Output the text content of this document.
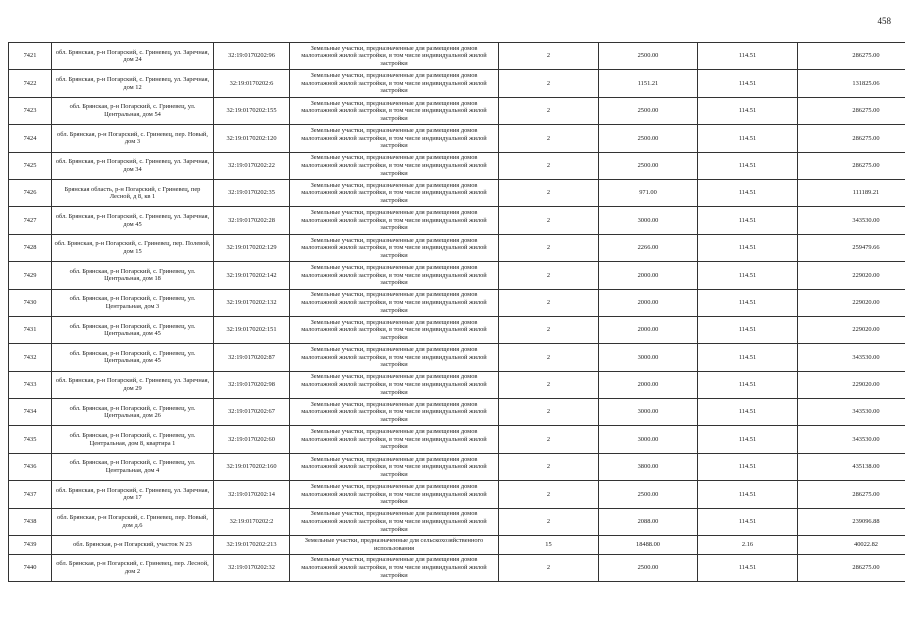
458
7421	обл. Брянская, р-н Погарский, с. Гриневец, ул. Заречная, дом 24	32:19:0170202:96	Земельные участки, предназначенные для размещения домов малоэтажной жилой застройки, в том числе индивидуальной жилой застройки	2	2500.00	114.51	286275.00
7422	обл. Брянская, р-н Погарский, с. Гриневец, ул. Заречная, дом 12	32:19:0170202:6	Земельные участки, предназначенные для размещения домов малоэтажной жилой застройки, в том числе индивидуальной жилой застройки	2	1151.21	114.51	131825.06
7423	обл. Брянская, р-н Погарский, с. Гриневец, ул. Центральная, дом 54	32:19:0170202:155	Земельные участки, предназначенные для размещения домов малоэтажной жилой застройки, в том числе индивидуальной жилой застройки	2	2500.00	114.51	286275.00
7424	обл. Брянская, р-н Погарский, с. Гриневец, пер. Новый, дом 3	32:19:0170202:120	Земельные участки, предназначенные для размещения домов малоэтажной жилой застройки, в том числе индивидуальной жилой застройки	2	2500.00	114.51	286275.00
7425	обл. Брянская, р-н Погарский, с. Гриневец, ул. Заречная, дом 34	32:19:0170202:22	Земельные участки, предназначенные для размещения домов малоэтажной жилой застройки, в том числе индивидуальной жилой застройки	2	2500.00	114.51	286275.00
7426	Брянская область, р-н Погарский, с Гриневец, пер Лесной, д 8, кв 1	32:19:0170202:35	Земельные участки, предназначенные для размещения домов малоэтажной жилой застройки, в том числе индивидуальной жилой застройки	2	971.00	114.51	111189.21
7427	обл. Брянская, р-н Погарский, с. Гриневец, ул. Заречная, дом 45	32:19:0170202:28	Земельные участки, предназначенные для размещения домов малоэтажной жилой застройки, в том числе индивидуальной жилой застройки	2	3000.00	114.51	343530.00
7428	обл. Брянская, р-н Погарский, с. Гриневец, пер. Полевой, дом 15	32:19:0170202:129	Земельные участки, предназначенные для размещения домов малоэтажной жилой застройки, в том числе индивидуальной жилой застройки	2	2266.00	114.51	259479.66
7429	обл. Брянская, р-н Погарский, с. Гриневец, ул. Центральная, дом 18	32:19:0170202:142	Земельные участки, предназначенные для размещения домов малоэтажной жилой застройки, в том числе индивидуальной жилой застройки	2	2000.00	114.51	229020.00
7430	обл. Брянская, р-н Погарский, с. Гриневец, ул. Центральная, дом 3	32:19:0170202:132	Земельные участки, предназначенные для размещения домов малоэтажной жилой застройки, в том числе индивидуальной жилой застройки	2	2000.00	114.51	229020.00
7431	обл. Брянская, р-н Погарский, с. Гриневец, ул. Центральная, дом 45	32:19:0170202:151	Земельные участки, предназначенные для размещения домов малоэтажной жилой застройки, в том числе индивидуальной жилой застройки	2	2000.00	114.51	229020.00
7432	обл. Брянская, р-н Погарский, с. Гриневец, ул. Центральная, дом 45	32:19:0170202:87	Земельные участки, предназначенные для размещения домов малоэтажной жилой застройки, в том числе индивидуальной жилой застройки	2	3000.00	114.51	343530.00
7433	обл. Брянская, р-н Погарский, с. Гриневец, ул. Заречная, дом 29	32:19:0170202:98	Земельные участки, предназначенные для размещения домов малоэтажной жилой застройки, в том числе индивидуальной жилой застройки	2	2000.00	114.51	229020.00
7434	обл. Брянская, р-н Погарский, с. Гриневец, ул. Центральная, дом 26	32:19:0170202:67	Земельные участки, предназначенные для размещения домов малоэтажной жилой застройки, в том числе индивидуальной жилой застройки	2	3000.00	114.51	343530.00
7435	обл. Брянская, р-н Погарский, с. Гриневец, ул. Центральная, дом 8, квартира 1	32:19:0170202:60	Земельные участки, предназначенные для размещения домов малоэтажной жилой застройки, в том числе индивидуальной жилой застройки	2	3000.00	114.51	343530.00
7436	обл. Брянская, р-н Погарский, с. Гриневец, ул. Центральная, дом 4	32:19:0170202:160	Земельные участки, предназначенные для размещения домов малоэтажной жилой застройки, в том числе индивидуальной жилой застройки	2	3800.00	114.51	435138.00
7437	обл. Брянская, р-н Погарский, с. Гриневец, ул. Заречная, дом 17	32:19:0170202:14	Земельные участки, предназначенные для размещения домов малоэтажной жилой застройки, в том числе индивидуальной жилой застройки	2	2500.00	114.51	286275.00
7438	обл. Брянская, р-н Погарский, с. Гриневец, пер. Новый, дом д.6	32:19:0170202:2	Земельные участки, предназначенные для размещения домов малоэтажной жилой застройки, в том числе индивидуальной жилой застройки	2	2088.00	114.51	239096.88
7439	обл. Брянская, р-н Погарский, участок N 23	32:19:0170202:213	Земельные участки, предназначенные для сельскохозяйственного использования	15	18488.00	2.16	40022.82
7440	обл. Брянская, р-н Погарский, с. Гриневец, пер. Лесной, дом 2	32:19:0170202:32	Земельные участки, предназначенные для размещения домов малоэтажной жилой застройки, в том числе индивидуальной жилой застройки	2	2500.00	114.51	286275.00
